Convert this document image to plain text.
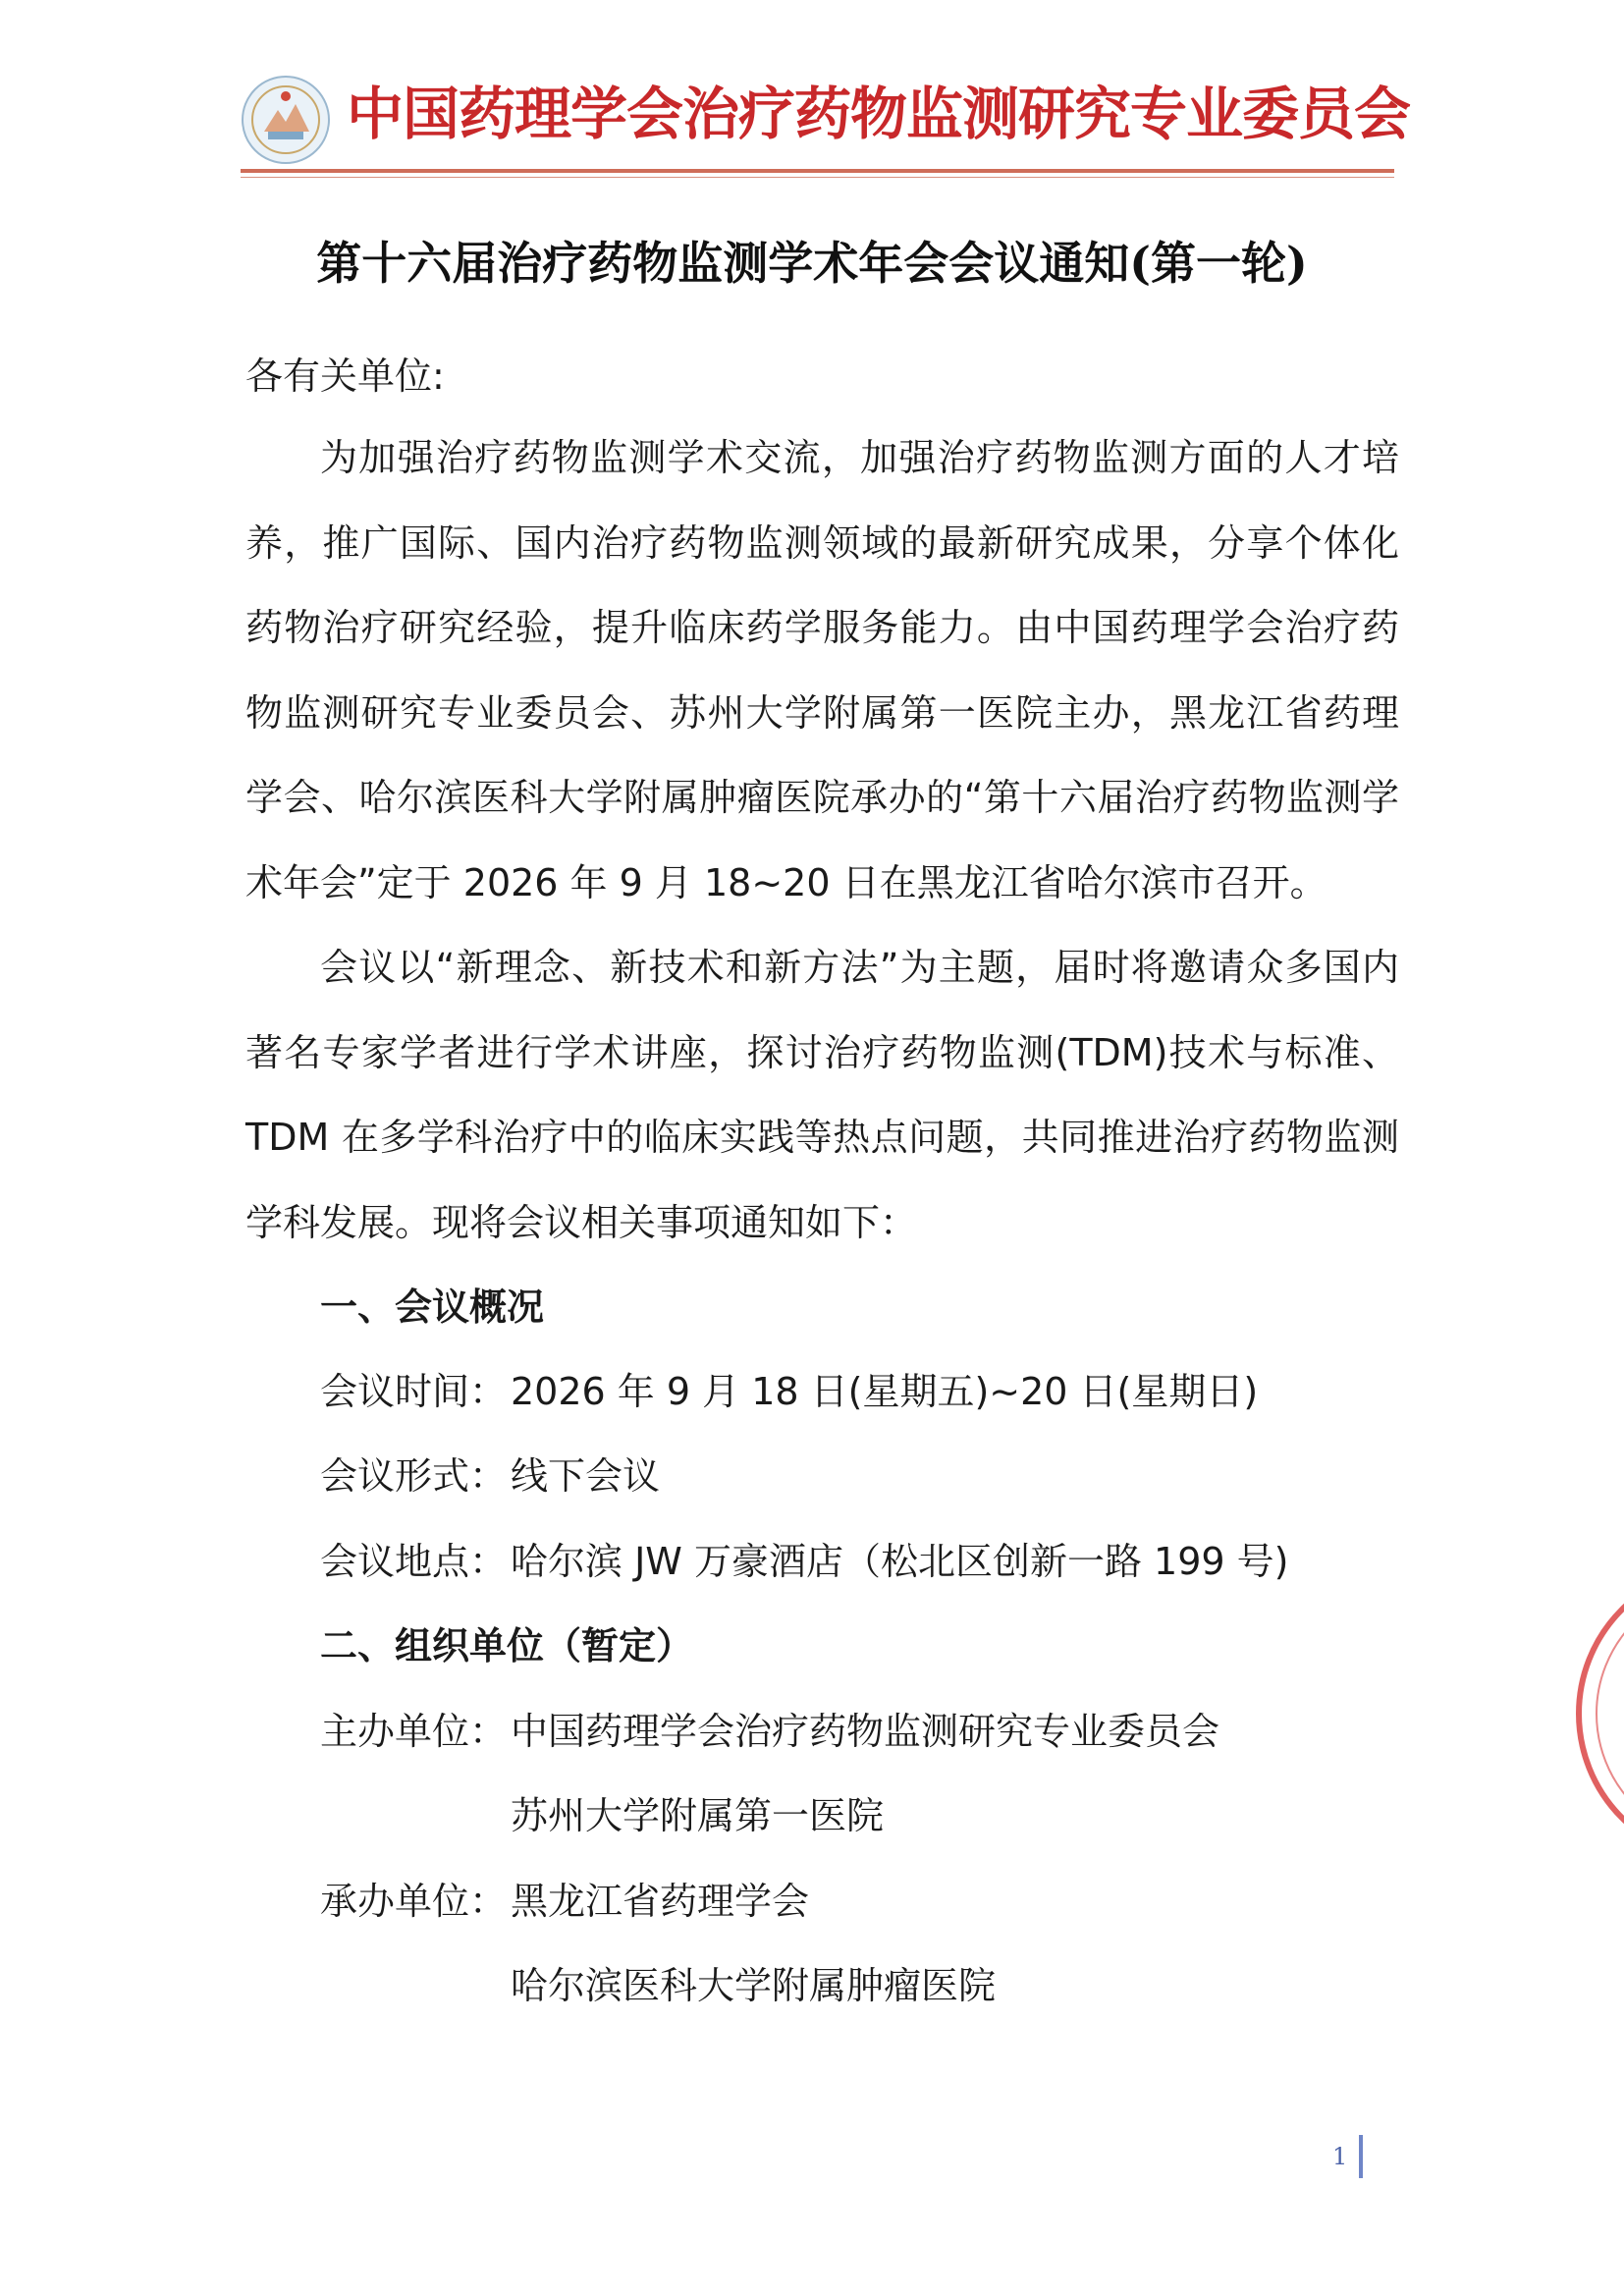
中国药理学会治疗药物监测研究专业委员会
第十六届治疗药物监测学术年会会议通知(第一轮)
各有关单位:

为加强治疗药物监测学术交流，加强治疗药物监测方面的人才培养，推广国际、国内治疗药物监测领域的最新研究成果，分享个体化药物治疗研究经验，提升临床药学服务能力。由中国药理学会治疗药物监测研究专业委员会、苏州大学附属第一医院主办，黑龙江省药理学会、哈尔滨医科大学附属肿瘤医院承办的“第十六届治疗药物监测学术年会”定于 2026 年 9 月 18~20 日在黑龙江省哈尔滨市召开。

会议以“新理念、新技术和新方法”为主题，届时将邀请众多国内著名专家学者进行学术讲座，探讨治疗药物监测(TDM)技术与标准、TDM 在多学科治疗中的临床实践等热点问题，共同推进治疗药物监测学科发展。现将会议相关事项通知如下：

一、会议概况
会议时间： 2026 年 9 月 18 日(星期五)~20 日(星期日)
会议形式： 线下会议
会议地点： 哈尔滨 JW 万豪酒店（松北区创新一路 199 号)
二、组织单位（暂定）
主办单位： 中国药理学会治疗药物监测研究专业委员会
苏州大学附属第一医院
承办单位： 黑龙江省药理学会
哈尔滨医科大学附属肿瘤医院
1
